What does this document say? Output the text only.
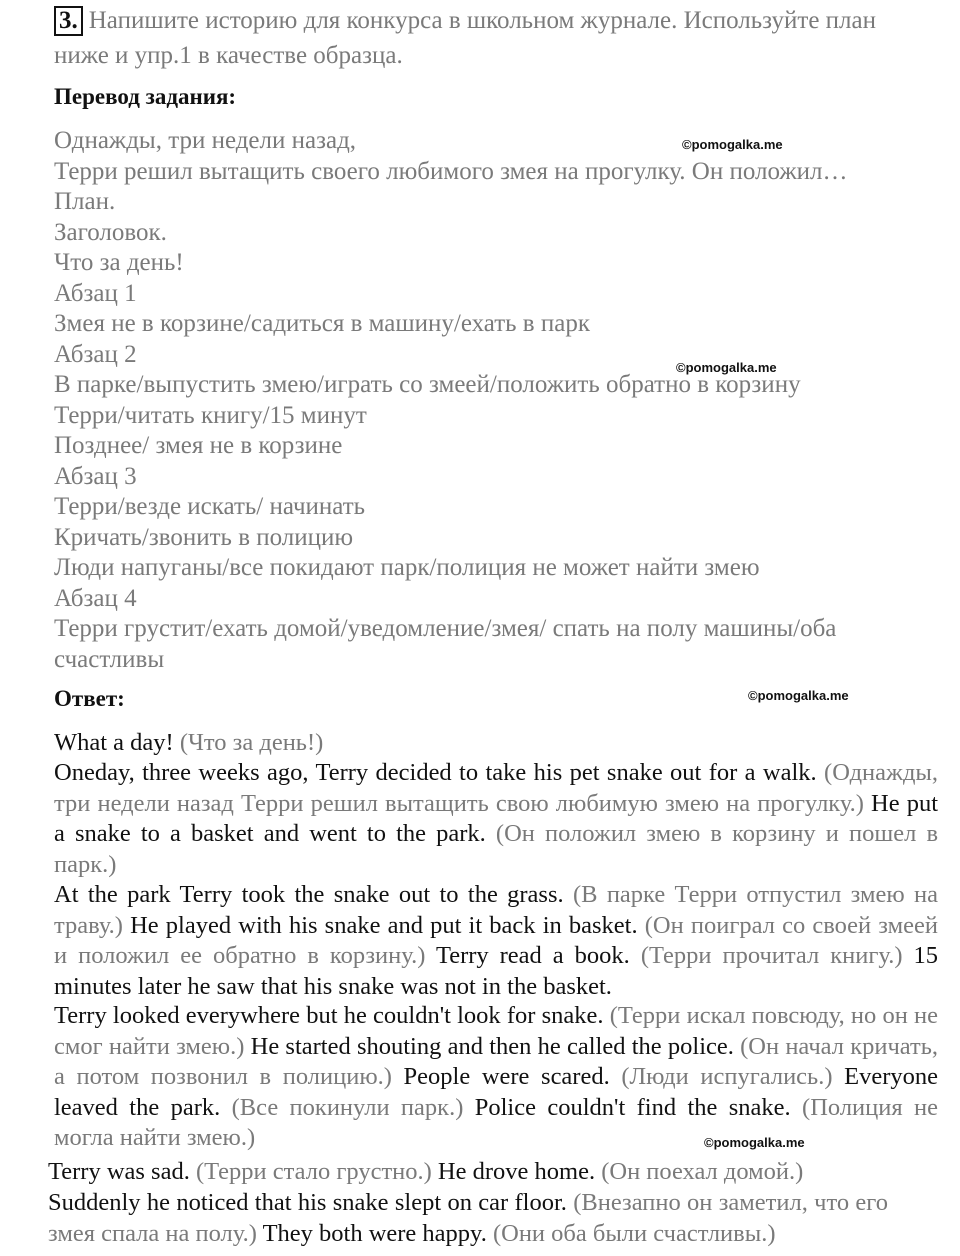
3. Напишите историю для конкурса в школьном журнале. Используйте план
ниже и упр.1 в качестве образца.
Перевод задания:
Однажды, три недели назад,
Терри решил вытащить своего любимого змея на прогулку. Он положил…
План.
Заголовок.
Что за день!
Абзац 1
Змея не в корзине/садиться в машину/ехать в парк
Абзац 2
В парке/выпустить змею/играть со змеей/положить обратно в корзину
Терри/читать книгу/15 минут
Позднее/ змея не в корзине
Абзац 3
Терри/везде искать/ начинать
Кричать/звонить в полицию
Люди напуганы/все покидают парк/полиция не может найти змею
Абзац 4
Терри грустит/ехать домой/уведомление/змея/ спать на полу машины/оба
счастливы
©pomogalka.me
©pomogalka.me
Ответ:	©pomogalka.me
What a day! (Что за день!)
Oneday, three weeks ago, Terry decided to take his pet snake out for a walk. (Однажды, три недели назад Терри решил вытащить свою любимую змею на прогулку.) He put a snake to a basket and went to the park. (Он положил змею в корзину и пошел в парк.)
At the park Terry took the snake out to the grass. (В парке Терри отпустил змею на траву.) He played with his snake and put it back in basket. (Он поиграл со своей змеей и положил ее обратно в корзину.) Terry read a book. (Терри прочитал книгу.) 15 minutes later he saw that his snake was not in the basket.
Terry looked everywhere but he couldn't look for snake. (Терри искал повсюду, но он не смог найти змею.) He started shouting and then he called the police. (Он начал кричать, а потом позвонил в полицию.) People were scared. (Люди испугались.) Everyone leaved the park. (Все покинули парк.) Police couldn't find the snake. (Полиция не могла найти змею.)	©pomogalka.me
Terry was sad. (Терри стало грустно.) He drove home. (Он поехал домой.)
Suddenly he noticed that his snake slept on car floor. (Внезапно он заметил, что его змея спала на полу.) They both were happy. (Они оба были счастливы.)
